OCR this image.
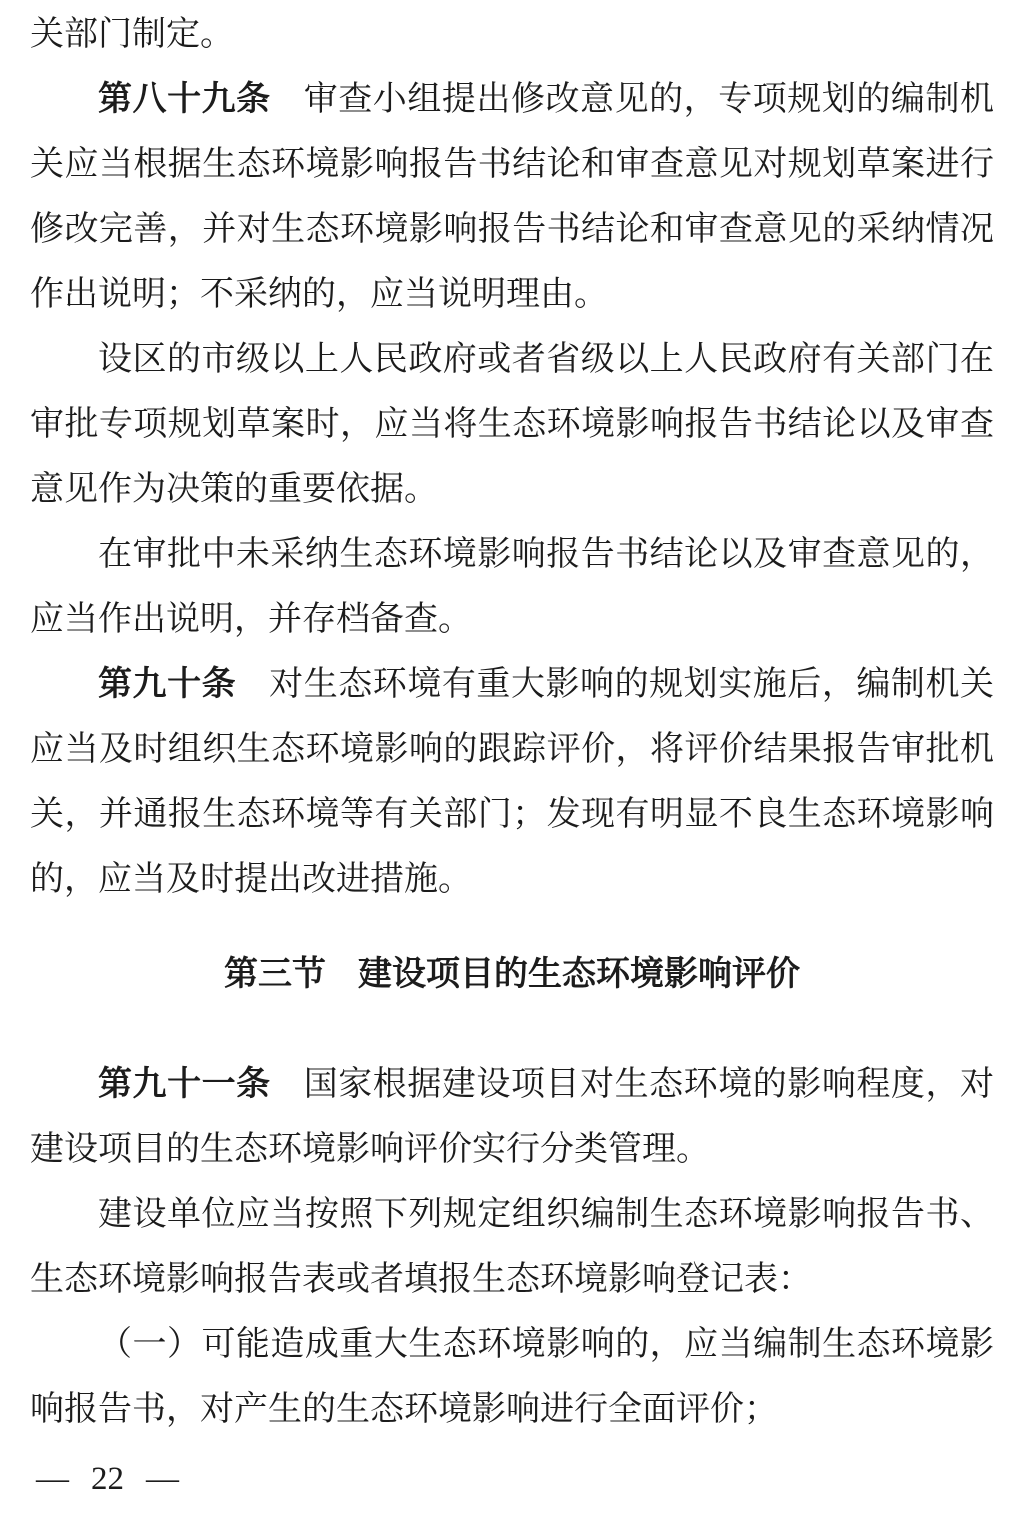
关部门制定。

第八十九条 审查小组提出修改意见的，专项规划的编制机关应当根据生态环境影响报告书结论和审查意见对规划草案进行修改完善，并对生态环境影响报告书结论和审查意见的采纳情况作出说明；不采纳的，应当说明理由。

设区的市级以上人民政府或者省级以上人民政府有关部门在审批专项规划草案时，应当将生态环境影响报告书结论以及审查意见作为决策的重要依据。

在审批中未采纳生态环境影响报告书结论以及审查意见的，应当作出说明，并存档备查。

第九十条 对生态环境有重大影响的规划实施后，编制机关应当及时组织生态环境影响的跟踪评价，将评价结果报告审批机关，并通报生态环境等有关部门；发现有明显不良生态环境影响的，应当及时提出改进措施。

第三节 建设项目的生态环境影响评价

第九十一条 国家根据建设项目对生态环境的影响程度，对建设项目的生态环境影响评价实行分类管理。

建设单位应当按照下列规定组织编制生态环境影响报告书、生态环境影响报告表或者填报生态环境影响登记表：

（一）可能造成重大生态环境影响的，应当编制生态环境影响报告书，对产生的生态环境影响进行全面评价；

— 22 —
